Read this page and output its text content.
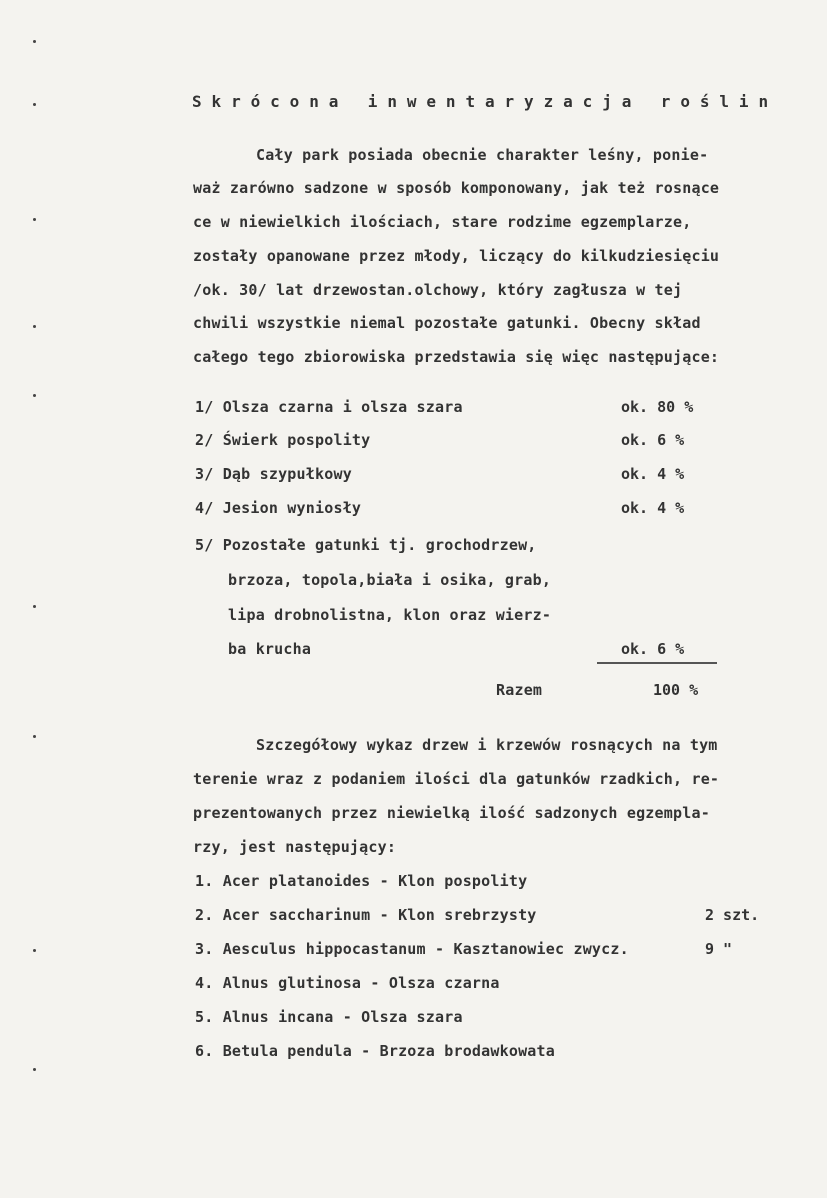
Skrócona inwentaryzacja roślin
Cały park posiada obecnie charakter leśny, ponie-
waż zarówno sadzone w sposób komponowany, jak też rosnące
ce w niewielkich ilościach, stare rodzime egzemplarze,
zostały opanowane przez młody, liczący do kilkudziesięciu
/ok. 30/ lat drzewostan.olchowy, który zagłusza w tej
chwili wszystkie niemal pozostałe gatunki. Obecny skład
całego tego zbiorowiska przedstawia się więc następujące:
1/ Olsza czarna i olsza szara	ok. 80 %
2/ Świerk pospolity	ok. 6 %
3/ Dąb szypułkowy	ok. 4 %
4/ Jesion wyniosły	ok. 4 %
5/ Pozostałe gatunki tj. grochodrzew,
brzoza, topola,biała i osika, grab,
lipa drobnolistna, klon oraz wierz-
ba krucha	ok. 6 %
Razem	100 %
Szczegółowy wykaz drzew i krzewów rosnących na tym
terenie wraz z podaniem ilości dla gatunków rzadkich, re-
prezentowanych przez niewielką ilość sadzonych egzempla-
rzy, jest następujący:
1. Acer platanoides - Klon pospolity
2. Acer saccharinum - Klon srebrzysty	2 szt.
3. Aesculus hippocastanum - Kasztanowiec zwycz.	9 "
4. Alnus glutinosa - Olsza czarna
5. Alnus incana - Olsza szara
6. Betula pendula - Brzoza brodawkowata
